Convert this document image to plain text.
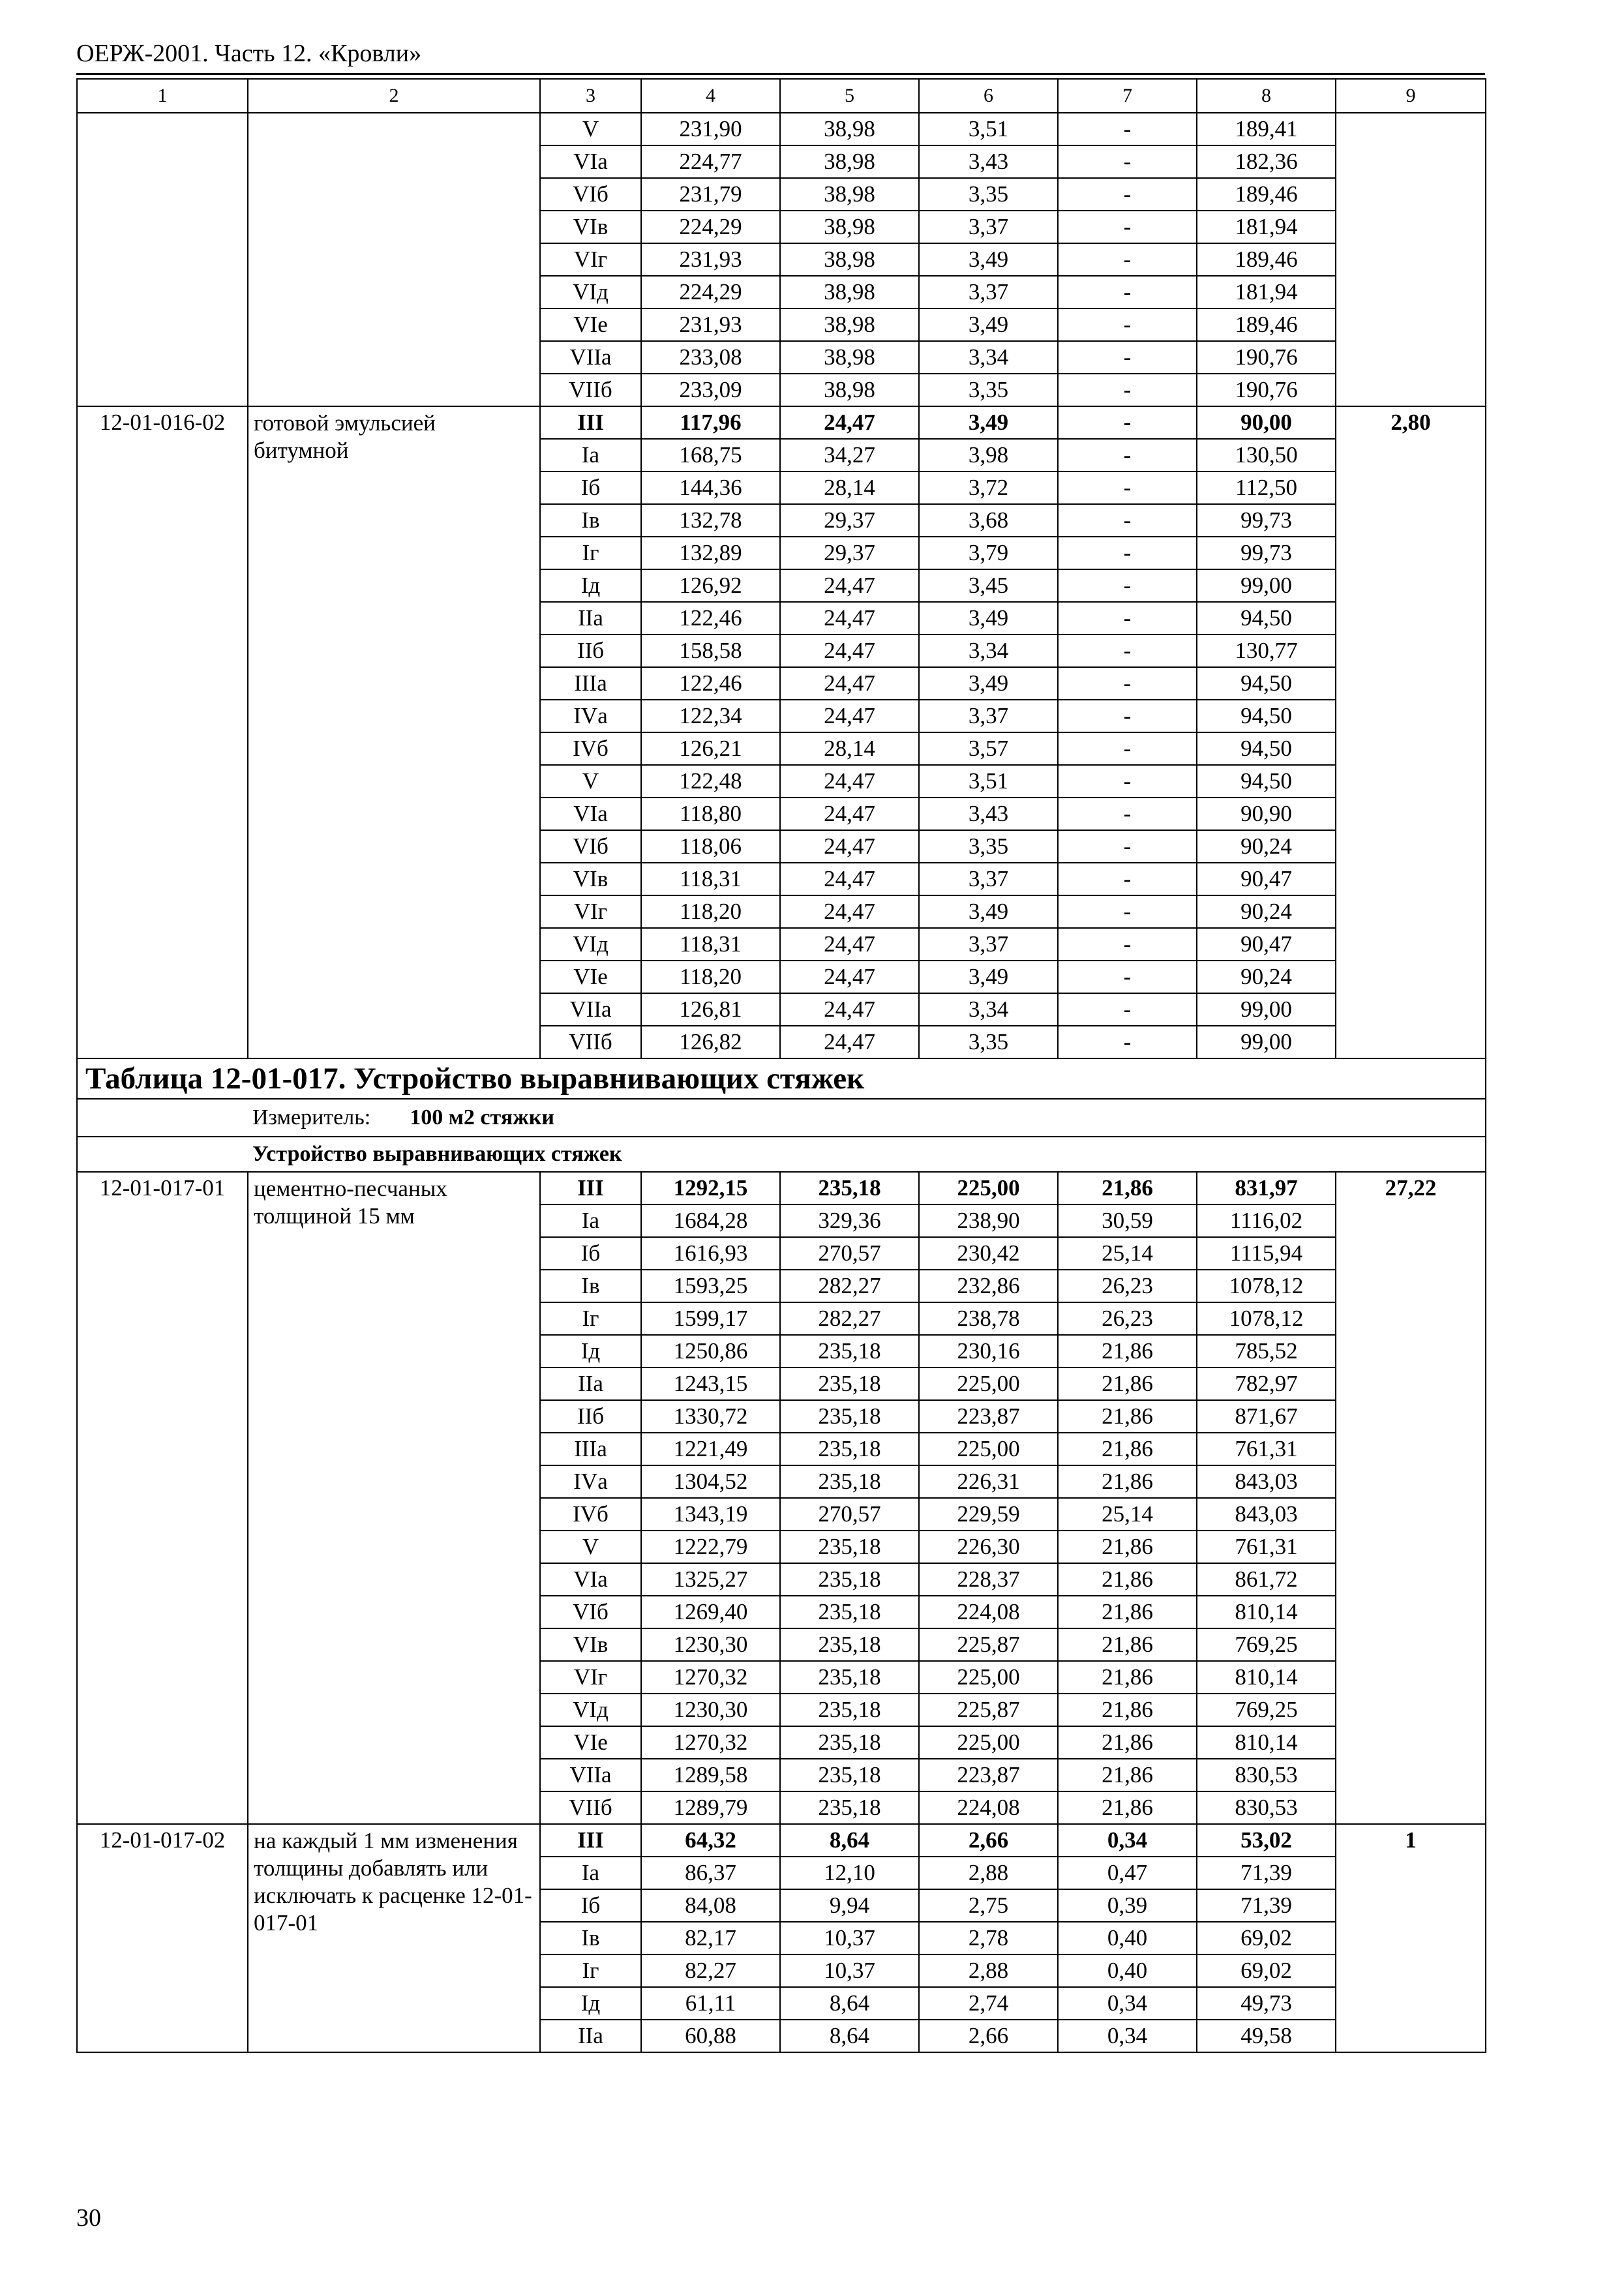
ОЕРЖ-2001. Часть 12. «Кровли»
1	2	3	4	5	6	7	8	9
		V	231,90	38,98	3,51	-	189,41	
		VIа	224,77	38,98	3,43	-	182,36	
		VIб	231,79	38,98	3,35	-	189,46	
		VIв	224,29	38,98	3,37	-	181,94	
		VIг	231,93	38,98	3,49	-	189,46	
		VIд	224,29	38,98	3,37	-	181,94	
		VIе	231,93	38,98	3,49	-	189,46	
		VIIа	233,08	38,98	3,34	-	190,76	
		VIIб	233,09	38,98	3,35	-	190,76	
12-01-016-02	готовой эмульсией битумной	III	117,96	24,47	3,49	-	90,00	2,80
		Iа	168,75	34,27	3,98	-	130,50	
		Iб	144,36	28,14	3,72	-	112,50	
		Iв	132,78	29,37	3,68	-	99,73	
		Iг	132,89	29,37	3,79	-	99,73	
		Iд	126,92	24,47	3,45	-	99,00	
		IIа	122,46	24,47	3,49	-	94,50	
		IIб	158,58	24,47	3,34	-	130,77	
		IIIа	122,46	24,47	3,49	-	94,50	
		IVа	122,34	24,47	3,37	-	94,50	
		IVб	126,21	28,14	3,57	-	94,50	
		V	122,48	24,47	3,51	-	94,50	
		VIа	118,80	24,47	3,43	-	90,90	
		VIб	118,06	24,47	3,35	-	90,24	
		VIв	118,31	24,47	3,37	-	90,47	
		VIг	118,20	24,47	3,49	-	90,24	
		VIд	118,31	24,47	3,37	-	90,47	
		VIе	118,20	24,47	3,49	-	90,24	
		VIIа	126,81	24,47	3,34	-	99,00	
		VIIб	126,82	24,47	3,35	-	99,00	
Таблица 12-01-017. Устройство выравнивающих стяжек								
Измеритель: 100 м2 стяжки								
Устройство выравнивающих стяжек								
12-01-017-01	цементно-песчаных толщиной 15 мм	III	1292,15	235,18	225,00	21,86	831,97	27,22
		Iа	1684,28	329,36	238,90	30,59	1116,02	
		Iб	1616,93	270,57	230,42	25,14	1115,94	
		Iв	1593,25	282,27	232,86	26,23	1078,12	
		Iг	1599,17	282,27	238,78	26,23	1078,12	
		Iд	1250,86	235,18	230,16	21,86	785,52	
		IIа	1243,15	235,18	225,00	21,86	782,97	
		IIб	1330,72	235,18	223,87	21,86	871,67	
		IIIа	1221,49	235,18	225,00	21,86	761,31	
		IVа	1304,52	235,18	226,31	21,86	843,03	
		IVб	1343,19	270,57	229,59	25,14	843,03	
		V	1222,79	235,18	226,30	21,86	761,31	
		VIа	1325,27	235,18	228,37	21,86	861,72	
		VIб	1269,40	235,18	224,08	21,86	810,14	
		VIв	1230,30	235,18	225,87	21,86	769,25	
		VIг	1270,32	235,18	225,00	21,86	810,14	
		VIд	1230,30	235,18	225,87	21,86	769,25	
		VIе	1270,32	235,18	225,00	21,86	810,14	
		VIIа	1289,58	235,18	223,87	21,86	830,53	
		VIIб	1289,79	235,18	224,08	21,86	830,53	
12-01-017-02	на каждый 1 мм изменения толщины добавлять или исключать к расценке 12-01-017-01	III	64,32	8,64	2,66	0,34	53,02	1
		Iа	86,37	12,10	2,88	0,47	71,39	
		Iб	84,08	9,94	2,75	0,39	71,39	
		Iв	82,17	10,37	2,78	0,40	69,02	
		Iг	82,27	10,37	2,88	0,40	69,02	
		Iд	61,11	8,64	2,74	0,34	49,73	
		IIа	60,88	8,64	2,66	0,34	49,58	
30
